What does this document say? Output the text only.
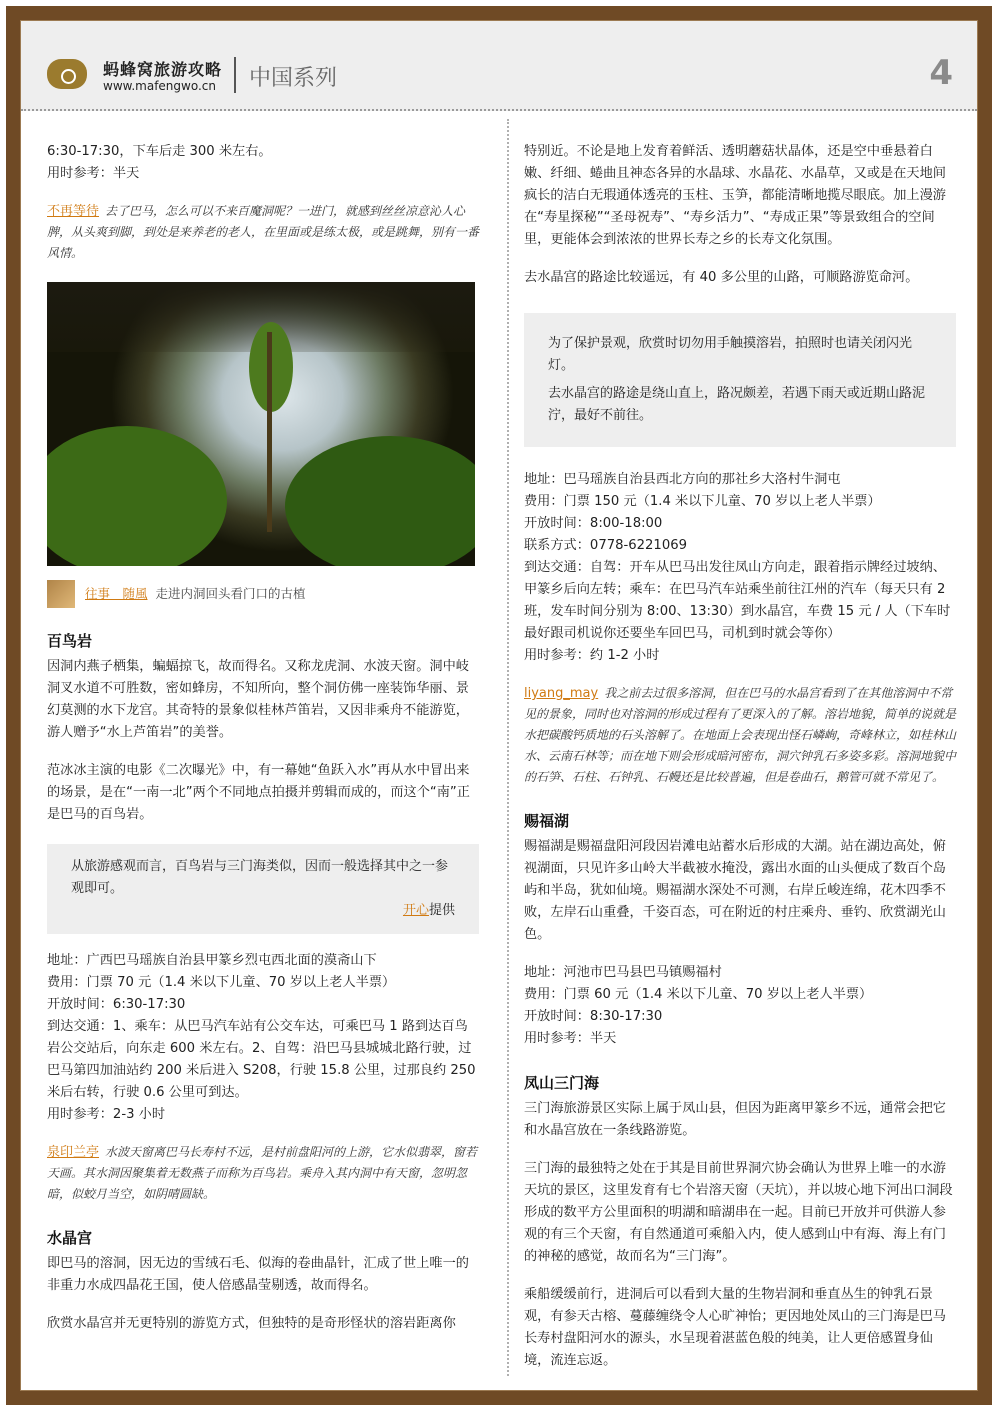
蚂蜂窝旅游攻略
www.mafengwo.cn 中国系列	4

6:30-17:30，下车后走 300 米左右。

用时参考：半天

不再等待 去了巴马，怎么可以不来百魔洞呢？一进门，就感到丝丝凉意沁人心脾，从头爽到脚，到处是来养老的老人，在里面或是练太极，或是跳舞，别有一番风情。

往事＿随風 走进内洞回头看门口的古植
百鸟岩

因洞内燕子栖集，蝙蝠掠飞，故而得名。又称龙虎洞、水波天窗。洞中岐洞叉水道不可胜数，密如蜂房，不知所向，整个洞仿佛一座装饰华丽、景幻莫测的水下龙宫。其奇特的景象似桂林芦笛岩，又因非乘舟不能游览，游人赠予“水上芦笛岩”的美誉。

范冰冰主演的电影《二次曝光》中，有一幕她“鱼跃入水”再从水中冒出来的场景，是在“一南一北”两个不同地点拍摄并剪辑而成的，而这个“南”正是巴马的百鸟岩。

从旅游感观而言，百鸟岩与三门海类似，因而一般选择其中之一参观即可。

开心提供

地址：广西巴马瑶族自治县甲篆乡烈屯西北面的漠斋山下

费用：门票 70 元（1.4 米以下儿童、70 岁以上老人半票）

开放时间：6:30-17:30

到达交通：1、乘车：从巴马汽车站有公交车达，可乘巴马 1 路到达百鸟岩公交站后，向东走 600 米左右。2、自驾：沿巴马县城城北路行驶，过巴马第四加油站约 200 米后进入 S208，行驶 15.8 公里，过那良约 250 米后右转，行驶 0.6 公里可到达。

用时参考：2-3 小时

泉印兰亭 水波天窗离巴马长寿村不远，是村前盘阳河的上游，它水似翡翠，窗若天画。其水洞因聚集着无数燕子而称为百鸟岩。乘舟入其内洞中有天窗，忽明忽暗，似蛟月当空，如阴晴圆缺。

水晶宫

即巴马的溶洞，因无边的雪绒石毛、似海的卷曲晶针，汇成了世上唯一的非重力水成四晶花王国，使人倍感晶莹剔透，故而得名。

欣赏水晶宫并无更特别的游览方式，但独特的是奇形怪状的溶岩距离你

特别近。不论是地上发育着鲜活、透明蘑菇状晶体，还是空中垂悬着白嫩、纤细、蜷曲且神态各异的水晶球、水晶花、水晶草，又或是在天地间疯长的洁白无瑕通体透亮的玉柱、玉笋，都能清晰地揽尽眼底。加上漫游在“寿星探秘”“圣母祝寿”、“寿乡活力”、“寿成正果”等景致组合的空间里，更能体会到浓浓的世界长寿之乡的长寿文化氛围。

去水晶宫的路途比较遥远，有 40 多公里的山路，可顺路游览命河。

为了保护景观，欣赏时切勿用手触摸溶岩，拍照时也请关闭闪光灯。

去水晶宫的路途是绕山直上，路况颇差，若遇下雨天或近期山路泥泞，最好不前往。

地址：巴马瑶族自治县西北方向的那社乡大洛村牛洞屯

费用：门票 150 元（1.4 米以下儿童、70 岁以上老人半票）

开放时间：8:00-18:00

联系方式：0778-6221069

到达交通：自驾：开车从巴马出发往凤山方向走，跟着指示牌经过坡纳、甲篆乡后向左转；乘车：在巴马汽车站乘坐前往江州的汽车（每天只有 2 班，发车时间分别为 8:00、13:30）到水晶宫，车费 15 元 / 人（下车时最好跟司机说你还要坐车回巴马，司机到时就会等你）

用时参考：约 1-2 小时

liyang_may 我之前去过很多溶洞，但在巴马的水晶宫看到了在其他溶洞中不常见的景象，同时也对溶洞的形成过程有了更深入的了解。溶岩地貌，简单的说就是水把碳酸钙质地的石头溶解了。在地面上会表现出怪石嶙峋，奇峰林立，如桂林山水、云南石林等；而在地下则会形成暗河密布，洞穴钟乳石多姿多彩。溶洞地貌中的石笋、石柱、石钟乳、石幔还是比较普遍，但是卷曲石，鹅管可就不常见了。

赐福湖

赐福湖是赐福盘阳河段因岩滩电站蓄水后形成的大湖。站在湖边高处，俯视湖面，只见许多山岭大半截被水掩没，露出水面的山头便成了数百个岛屿和半岛，犹如仙境。赐福湖水深处不可测，右岸丘峻连绵，花木四季不败，左岸石山重叠，千姿百态，可在附近的村庄乘舟、垂钓、欣赏湖光山色。

地址：河池市巴马县巴马镇赐福村

费用：门票 60 元（1.4 米以下儿童、70 岁以上老人半票）

开放时间：8:30-17:30

用时参考：半天

凤山三门海

三门海旅游景区实际上属于凤山县，但因为距离甲篆乡不远，通常会把它和水晶宫放在一条线路游览。

三门海的最独特之处在于其是目前世界洞穴协会确认为世界上唯一的水游天坑的景区，这里发育有七个岩溶天窗（天坑），并以坡心地下河出口洞段形成的数平方公里面积的明湖和暗湖串在一起。目前已开放并可供游人参观的有三个天窗，有自然通道可乘船入内，使人感到山中有海、海上有门的神秘的感觉，故而名为“三门海”。

乘船缓缓前行，进洞后可以看到大量的生物岩洞和垂直丛生的钟乳石景观，有参天古榕、蔓藤缠绕令人心旷神怡；更因地处凤山的三门海是巴马长寿村盘阳河水的源头，水呈现着湛蓝色般的纯美，让人更倍感置身仙境，流连忘返。
